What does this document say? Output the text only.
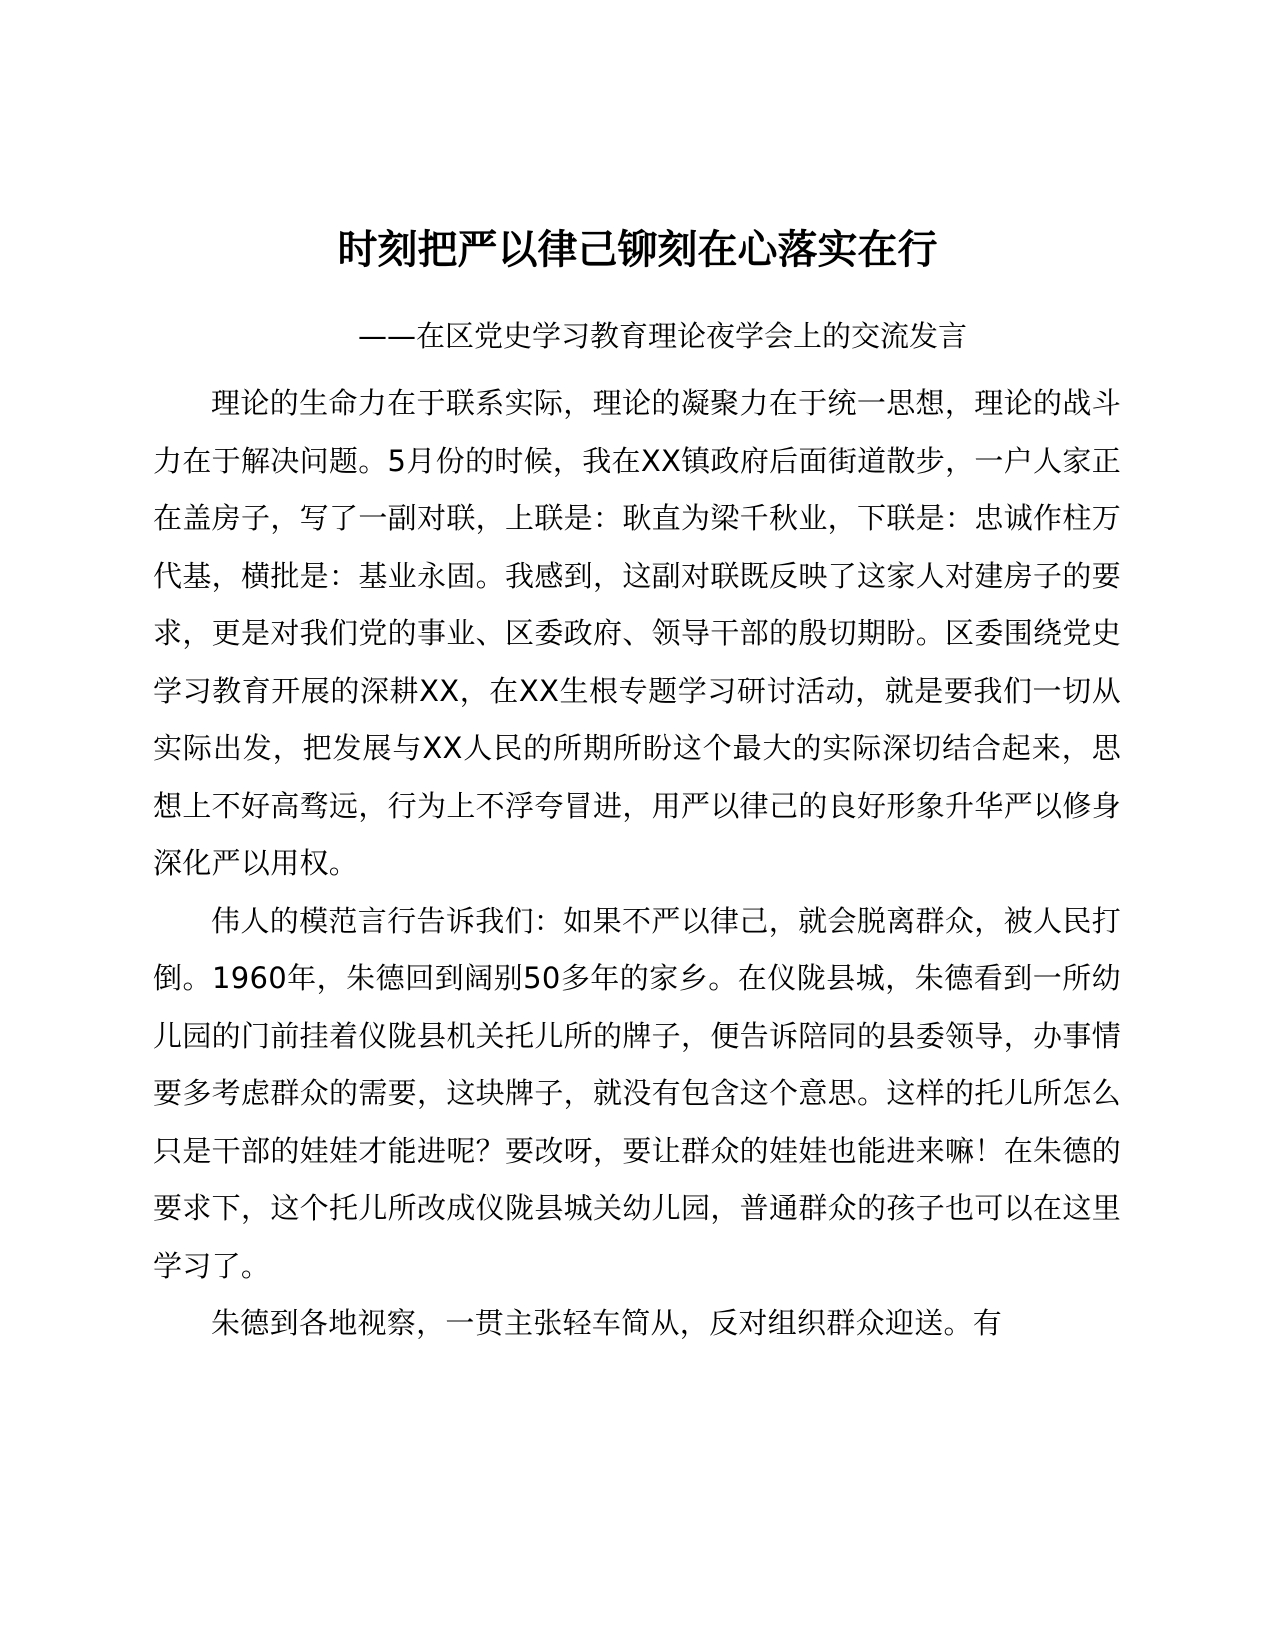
时刻把严以律己铆刻在心落实在行

——在区党史学习教育理论夜学会上的交流发言

理论的生命力在于联系实际，理论的凝聚力在于统一思想，理论的战斗力在于解决问题。5月份的时候，我在XX镇政府后面街道散步，一户人家正在盖房子，写了一副对联，上联是：耿直为梁千秋业，下联是：忠诚作柱万代基，横批是：基业永固。我感到，这副对联既反映了这家人对建房子的要求，更是对我们党的事业、区委政府、领导干部的殷切期盼。区委围绕党史学习教育开展的深耕XX，在XX生根专题学习研讨活动，就是要我们一切从实际出发，把发展与XX人民的所期所盼这个最大的实际深切结合起来，思想上不好高骛远，行为上不浮夸冒进，用严以律己的良好形象升华严以修身深化严以用权。

伟人的模范言行告诉我们：如果不严以律己，就会脱离群众，被人民打倒。1960年，朱德回到阔别50多年的家乡。在仪陇县城，朱德看到一所幼儿园的门前挂着仪陇县机关托儿所的牌子，便告诉陪同的县委领导，办事情要多考虑群众的需要，这块牌子，就没有包含这个意思。这样的托儿所怎么只是干部的娃娃才能进呢？要改呀，要让群众的娃娃也能进来嘛！在朱德的要求下，这个托儿所改成仪陇县城关幼儿园，普通群众的孩子也可以在这里学习了。

朱德到各地视察，一贯主张轻车简从，反对组织群众迎送。有
